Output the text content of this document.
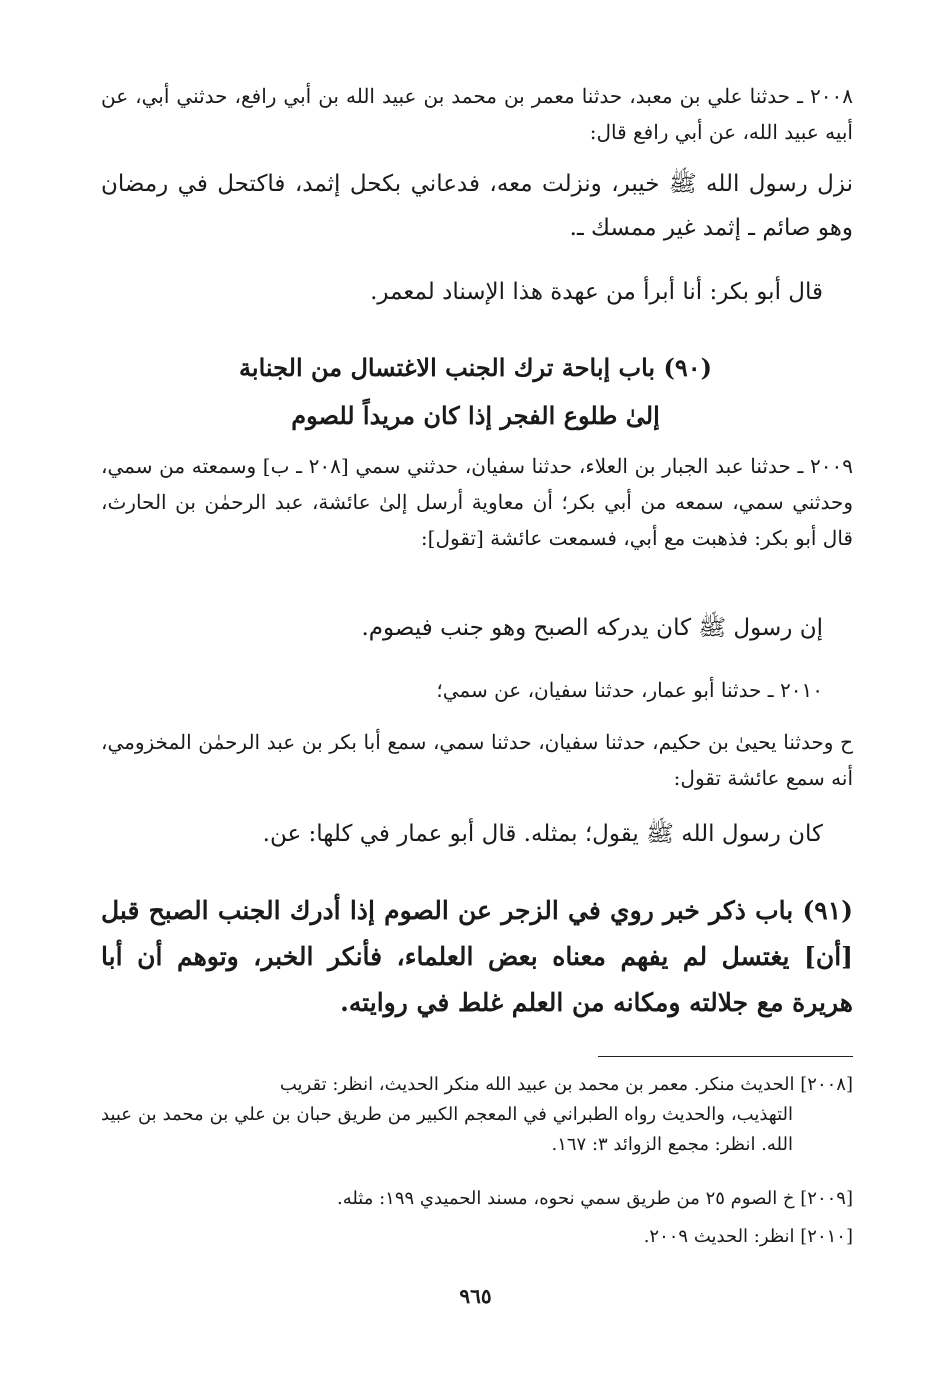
٢٠٠٨ ـ حدثنا علي بن معبد، حدثنا معمر بن محمد بن عبيد الله بن أبي رافع، حدثني أبي، عن أبيه عبيد الله، عن أبي رافع قال:

نزل رسول الله ﷺ خيبر، ونزلت معه، فدعاني بكحل إثمد، فاكتحل في رمضان وهو صائم ـ إثمد غير ممسك ـ.

قال أبو بكر: أنا أبرأ من عهدة هذا الإسناد لمعمر.

(٩٠) باب إباحة ترك الجنب الاغتسال من الجنابة

إلىٰ طلوع الفجر إذا كان مريداً للصوم

٢٠٠٩ ـ حدثنا عبد الجبار بن العلاء، حدثنا سفيان، حدثني سمي [٢٠٨ ـ ب] وسمعته من سمي، وحدثني سمي، سمعه من أبي بكر؛ أن معاوية أرسل إلىٰ عائشة، عبد الرحمٰن بن الحارث، قال أبو بكر: فذهبت مع أبي، فسمعت عائشة [تقول]:

إن رسول ﷺ كان يدركه الصبح وهو جنب فيصوم.

٢٠١٠ ـ حدثنا أبو عمار، حدثنا سفيان، عن سمي؛

ح وحدثنا يحيىٰ بن حكيم، حدثنا سفيان، حدثنا سمي، سمع أبا بكر بن عبد الرحمٰن المخزومي، أنه سمع عائشة تقول:

كان رسول الله ﷺ يقول؛ بمثله. قال أبو عمار في كلها: عن.

(٩١) باب ذكر خبر روي في الزجر عن الصوم إذا أدرك الجنب الصبح قبل [أن] يغتسل لم يفهم معناه بعض العلماء، فأنكر الخبر، وتوهم أن أبا هريرة مع جلالته ومكانه من العلم غلط في روايته.

[٢٠٠٨] الحديث منكر. معمر بن محمد بن عبيد الله منكر الحديث، انظر: تقريب
التهذيب، والحديث رواه الطبراني في المعجم الكبير من طريق حبان بن علي بن محمد بن عبيد الله. انظر: مجمع الزوائد ٣: ١٦٧.

[٢٠٠٩] خ الصوم ٢٥ من طريق سمي نحوه، مسند الحميدي ١٩٩: مثله.

[٢٠١٠] انظر: الحديث ٢٠٠٩.

٩٦٥
